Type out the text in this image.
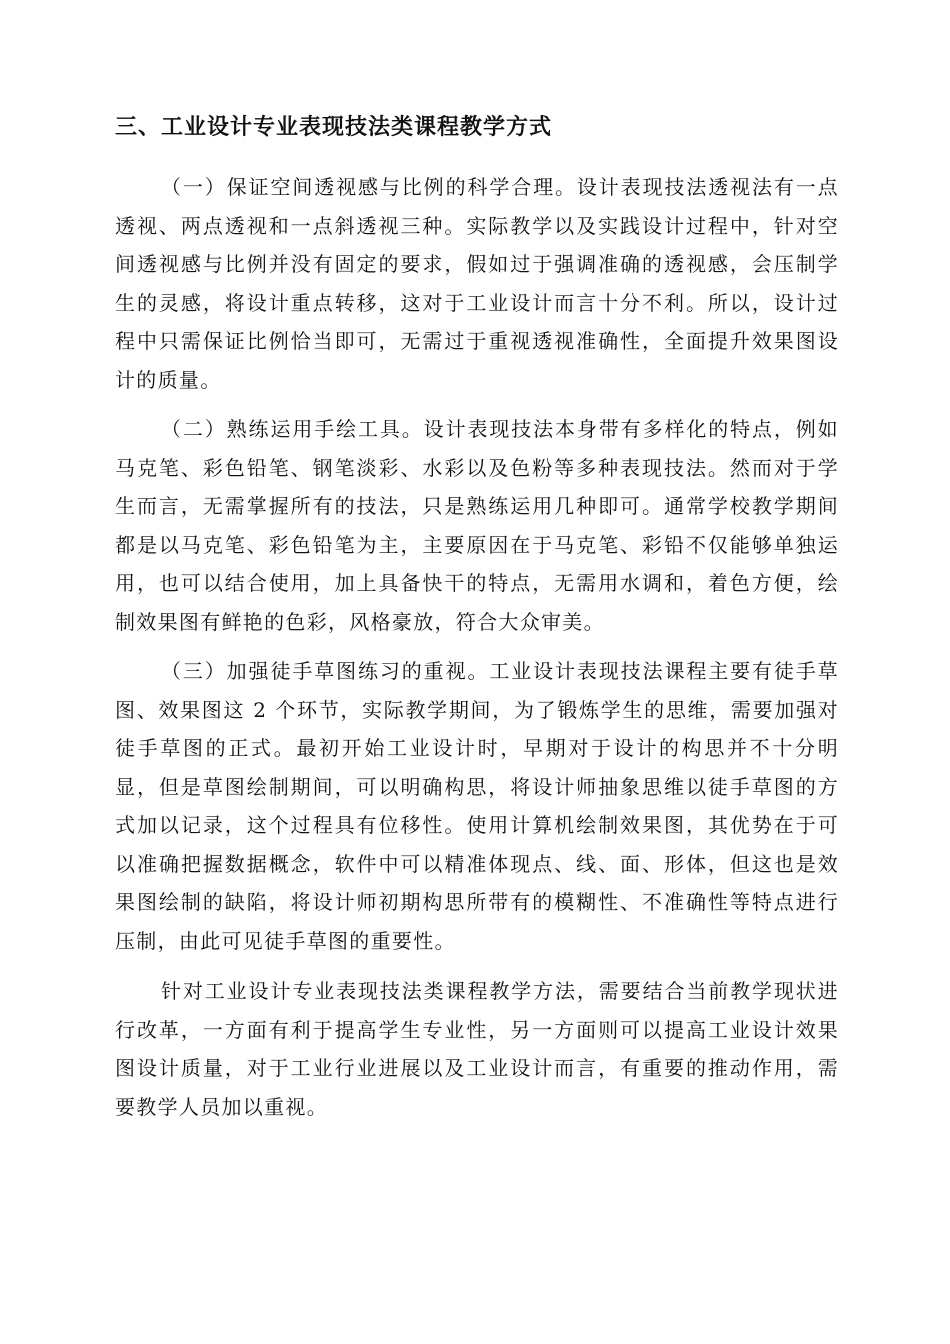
三、工业设计专业表现技法类课程教学方式

（一）保证空间透视感与比例的科学合理。设计表现技法透视法有一点透视、两点透视和一点斜透视三种。实际教学以及实践设计过程中，针对空间透视感与比例并没有固定的要求，假如过于强调准确的透视感，会压制学生的灵感，将设计重点转移，这对于工业设计而言十分不利。所以，设计过程中只需保证比例恰当即可，无需过于重视透视准确性，全面提升效果图设计的质量。

（二）熟练运用手绘工具。设计表现技法本身带有多样化的特点，例如马克笔、彩色铅笔、钢笔淡彩、水彩以及色粉等多种表现技法。然而对于学生而言，无需掌握所有的技法，只是熟练运用几种即可。通常学校教学期间都是以马克笔、彩色铅笔为主，主要原因在于马克笔、彩铅不仅能够单独运用，也可以结合使用，加上具备快干的特点，无需用水调和，着色方便，绘制效果图有鲜艳的色彩，风格豪放，符合大众审美。

（三）加强徒手草图练习的重视。工业设计表现技法课程主要有徒手草图、效果图这 2 个环节，实际教学期间，为了锻炼学生的思维，需要加强对徒手草图的正式。最初开始工业设计时，早期对于设计的构思并不十分明显，但是草图绘制期间，可以明确构思，将设计师抽象思维以徒手草图的方式加以记录，这个过程具有位移性。使用计算机绘制效果图，其优势在于可以准确把握数据概念，软件中可以精准体现点、线、面、形体，但这也是效果图绘制的缺陷，将设计师初期构思所带有的模糊性、不准确性等特点进行压制，由此可见徒手草图的重要性。

针对工业设计专业表现技法类课程教学方法，需要结合当前教学现状进行改革，一方面有利于提高学生专业性，另一方面则可以提高工业设计效果图设计质量，对于工业行业进展以及工业设计而言，有重要的推动作用，需要教学人员加以重视。
